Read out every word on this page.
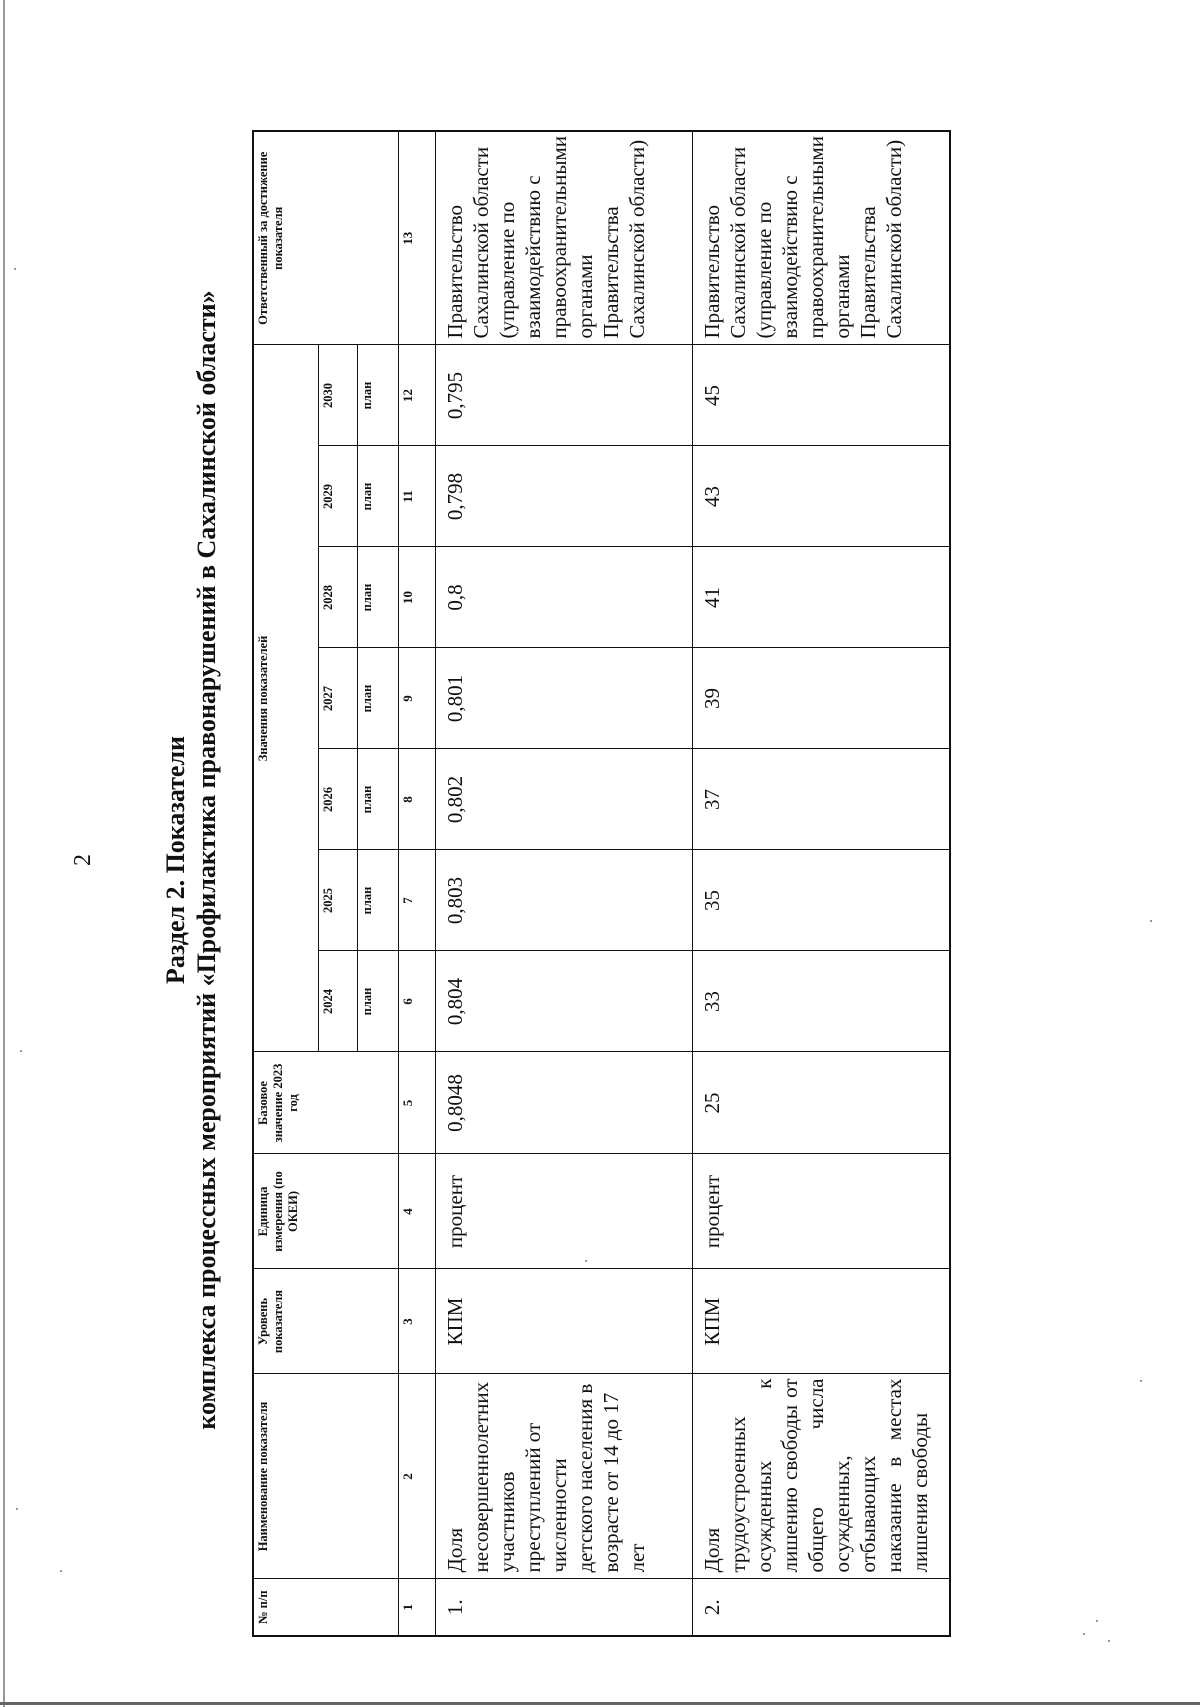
2	Раздел 2. Показатели комплекса процессных мероприятий «Профилактика правонарушений в Сахалинской области»
№ п/п	Наименование показателя	Уровень показателя	Единица измерения (по ОКЕИ)	Базовое значение 2023 год	Значения показателей							Ответственный за достижение показателя
					2024	2025	2026	2027	2028	2029	2030	
					план	план	план	план	план	план	план	
1	2	3	4	5	6	7	8	9	10	11	12	13
1.	Доля несовершеннолетних участников преступлений от численности детского населения в возрасте от 14 до 17 лет	КПМ	процент	0,8048	0,804	0,803	0,802	0,801	0,8	0,798	0,795	Правительство Сахалинской области (управление по взаимодействию с правоохранительными органами Правительства Сахалинской области)
2.	Доля трудоустроенных осужденных к лишению свободы от общего числа осужденных, отбывающих наказание в местах лишения свободы	КПМ	процент	25	33	35	37	39	41	43	45	Правительство Сахалинской области (управление по взаимодействию с правоохранительными органами Правительства Сахалинской области)
